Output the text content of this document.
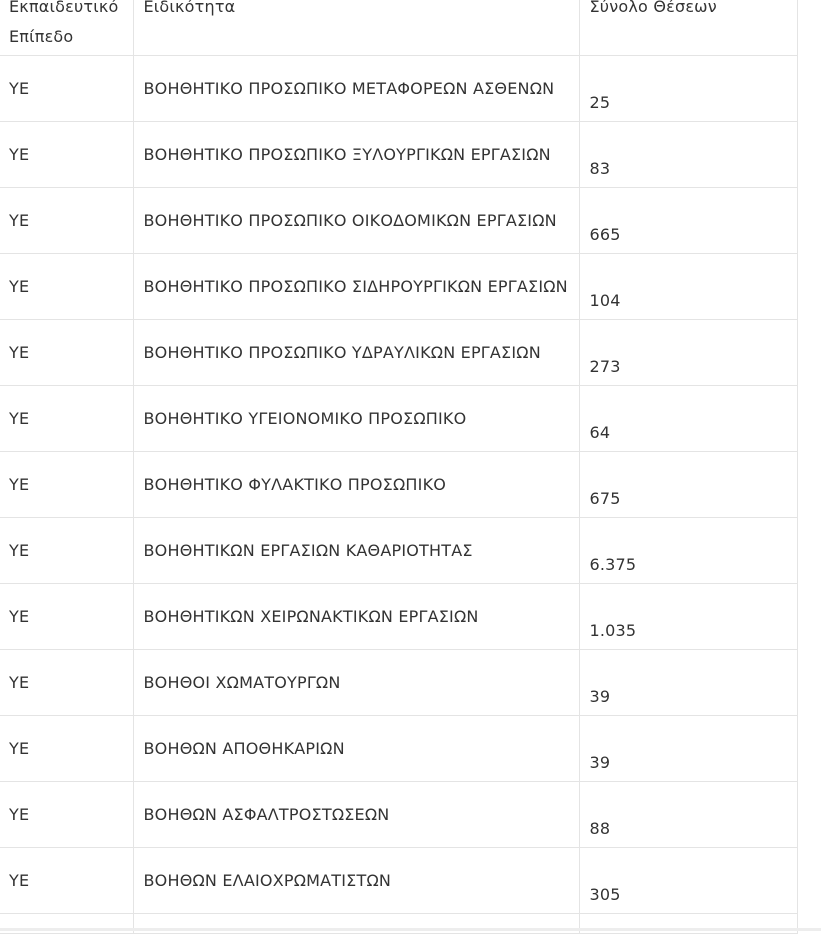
Εκπαιδευτικό
Επίπεδο	Ειδικότητα	Σύνολο Θέσεων
ΥΕ	ΒΟΗΘΗΤΙΚΟ ΠΡΟΣΩΠΙΚΟ ΜΕΤΑΦΟΡΕΩΝ ΑΣΘΕΝΩΝ	25
ΥΕ	ΒΟΗΘΗΤΙΚΟ ΠΡΟΣΩΠΙΚΟ ΞΥΛΟΥΡΓΙΚΩΝ ΕΡΓΑΣΙΩΝ	83
ΥΕ	ΒΟΗΘΗΤΙΚΟ ΠΡΟΣΩΠΙΚΟ ΟΙΚΟΔΟΜΙΚΩΝ ΕΡΓΑΣΙΩΝ	665
ΥΕ	ΒΟΗΘΗΤΙΚΟ ΠΡΟΣΩΠΙΚΟ ΣΙΔΗΡΟΥΡΓΙΚΩΝ ΕΡΓΑΣΙΩΝ	104
ΥΕ	ΒΟΗΘΗΤΙΚΟ ΠΡΟΣΩΠΙΚΟ ΥΔΡΑΥΛΙΚΩΝ ΕΡΓΑΣΙΩΝ	273
ΥΕ	ΒΟΗΘΗΤΙΚΟ ΥΓΕΙΟΝΟΜΙΚΟ ΠΡΟΣΩΠΙΚΟ	64
ΥΕ	ΒΟΗΘΗΤΙΚΟ ΦΥΛΑΚΤΙΚΟ ΠΡΟΣΩΠΙΚΟ	675
ΥΕ	ΒΟΗΘΗΤΙΚΩΝ ΕΡΓΑΣΙΩΝ ΚΑΘΑΡΙΟΤΗΤΑΣ	6.375
ΥΕ	ΒΟΗΘΗΤΙΚΩΝ ΧΕΙΡΩΝΑΚΤΙΚΩΝ ΕΡΓΑΣΙΩΝ	1.035
ΥΕ	ΒΟΗΘΟΙ ΧΩΜΑΤΟΥΡΓΩΝ	39
ΥΕ	ΒΟΗΘΩΝ ΑΠΟΘΗΚΑΡΙΩΝ	39
ΥΕ	ΒΟΗΘΩΝ ΑΣΦΑΛΤΡΟΣΤΩΣΕΩΝ	88
ΥΕ	ΒΟΗΘΩΝ ΕΛΑΙΟΧΡΩΜΑΤΙΣΤΩΝ	305
